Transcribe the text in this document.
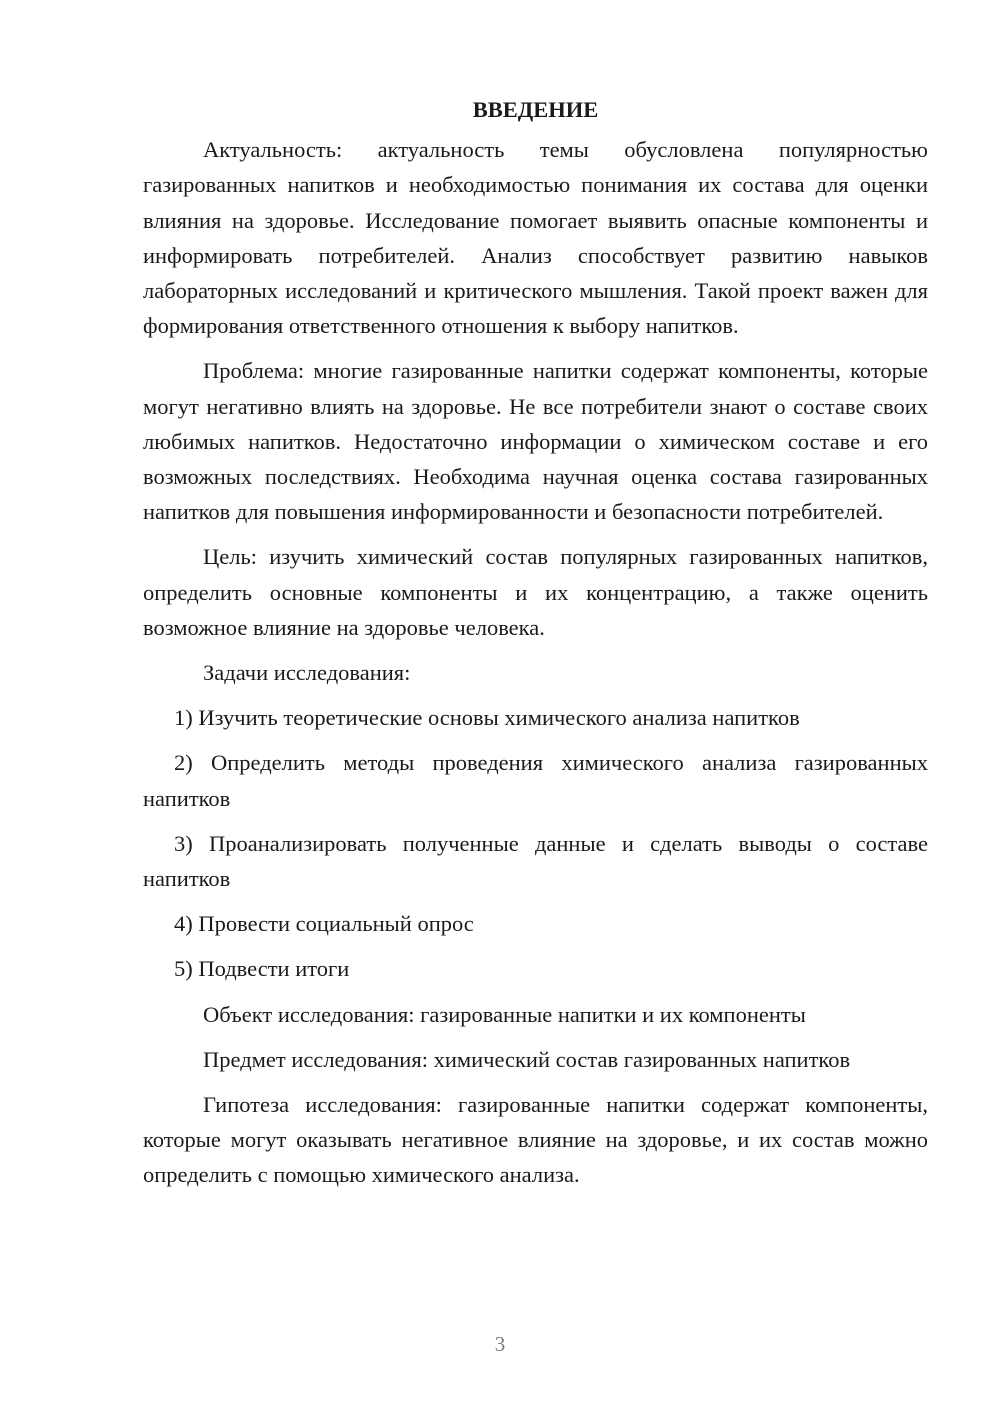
ВВЕДЕНИЕ

Актуальность: актуальность темы обусловлена популярностью газированных напитков и необходимостью понимания их состава для оценки влияния на здоровье. Исследование помогает выявить опасные компоненты и информировать потребителей. Анализ способствует развитию навыков лабораторных исследований и критического мышления. Такой проект важен для формирования ответственного отношения к выбору напитков.

Проблема: многие газированные напитки содержат компоненты, которые могут негативно влиять на здоровье. Не все потребители знают о составе своих любимых напитков. Недостаточно информации о химическом составе и его возможных последствиях. Необходима научная оценка состава газированных напитков для повышения информированности и безопасности потребителей.

Цель: изучить химический состав популярных газированных напитков, определить основные компоненты и их концентрацию, а также оценить возможное влияние на здоровье человека.

Задачи исследования:

1) Изучить теоретические основы химического анализа напитков

2) Определить методы проведения химического анализа газированных напитков

3) Проанализировать полученные данные и сделать выводы о составе напитков

4) Провести социальный опрос

5) Подвести итоги

Объект исследования: газированные напитки и их компоненты

Предмет исследования: химический состав газированных напитков

Гипотеза исследования: газированные напитки содержат компоненты, которые могут оказывать негативное влияние на здоровье, и их состав можно определить с помощью химического анализа.

3
